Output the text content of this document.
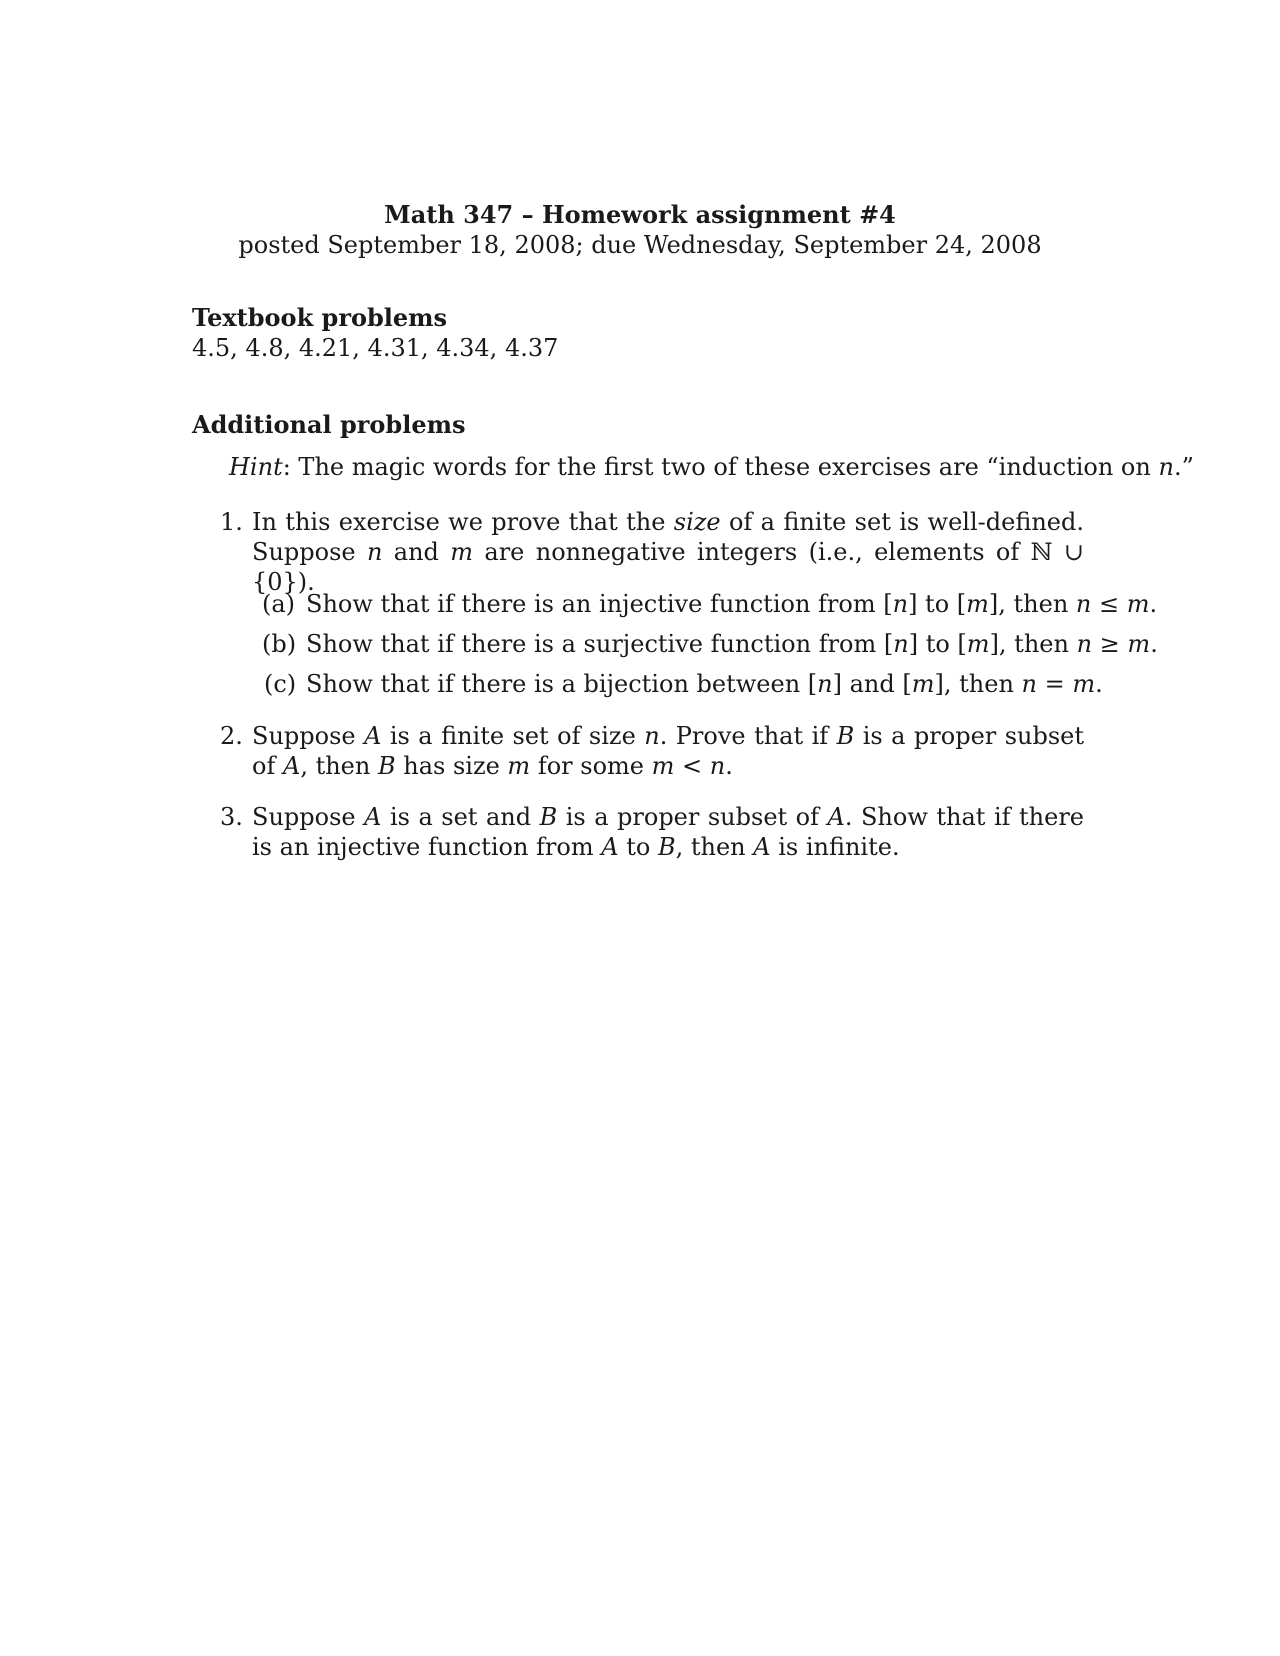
Math 347 – Homework assignment #4
posted September 18, 2008; due Wednesday, September 24, 2008
Textbook problems
4.5, 4.8, 4.21, 4.31, 4.34, 4.37
Additional problems
Hint: The magic words for the first two of these exercises are “induction on n.”
1. In this exercise we prove that the size of a finite set is well-defined. Suppose n and m are nonnegative integers (i.e., elements of ℕ ∪ {0}).
(a) Show that if there is an injective function from [n] to [m], then n ≤ m.
(b) Show that if there is a surjective function from [n] to [m], then n ≥ m.
(c) Show that if there is a bijection between [n] and [m], then n = m.
2. Suppose A is a finite set of size n. Prove that if B is a proper subset of A, then B has size m for some m < n.
3. Suppose A is a set and B is a proper subset of A. Show that if there is an injective function from A to B, then A is infinite.
